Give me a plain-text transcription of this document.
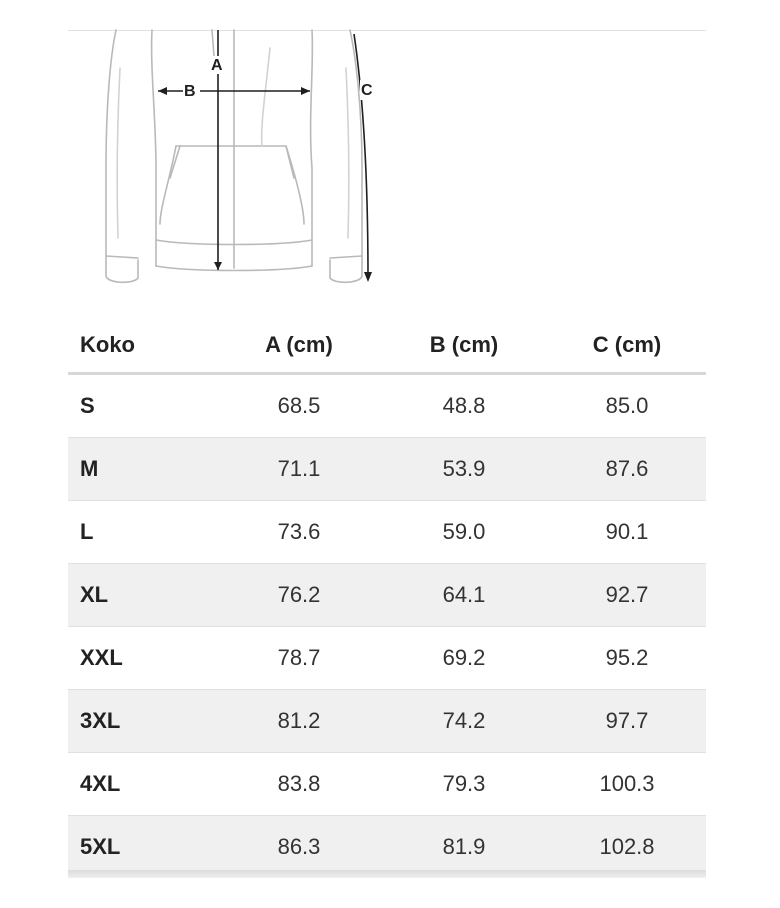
A
B	C
Koko	A (cm)	B (cm)	C (cm)
S	68.5	48.8	85.0
M	71.1	53.9	87.6
L	73.6	59.0	90.1
XL	76.2	64.1	92.7
XXL	78.7	69.2	95.2
3XL	81.2	74.2	97.7
4XL	83.8	79.3	100.3
5XL	86.3	81.9	102.8
